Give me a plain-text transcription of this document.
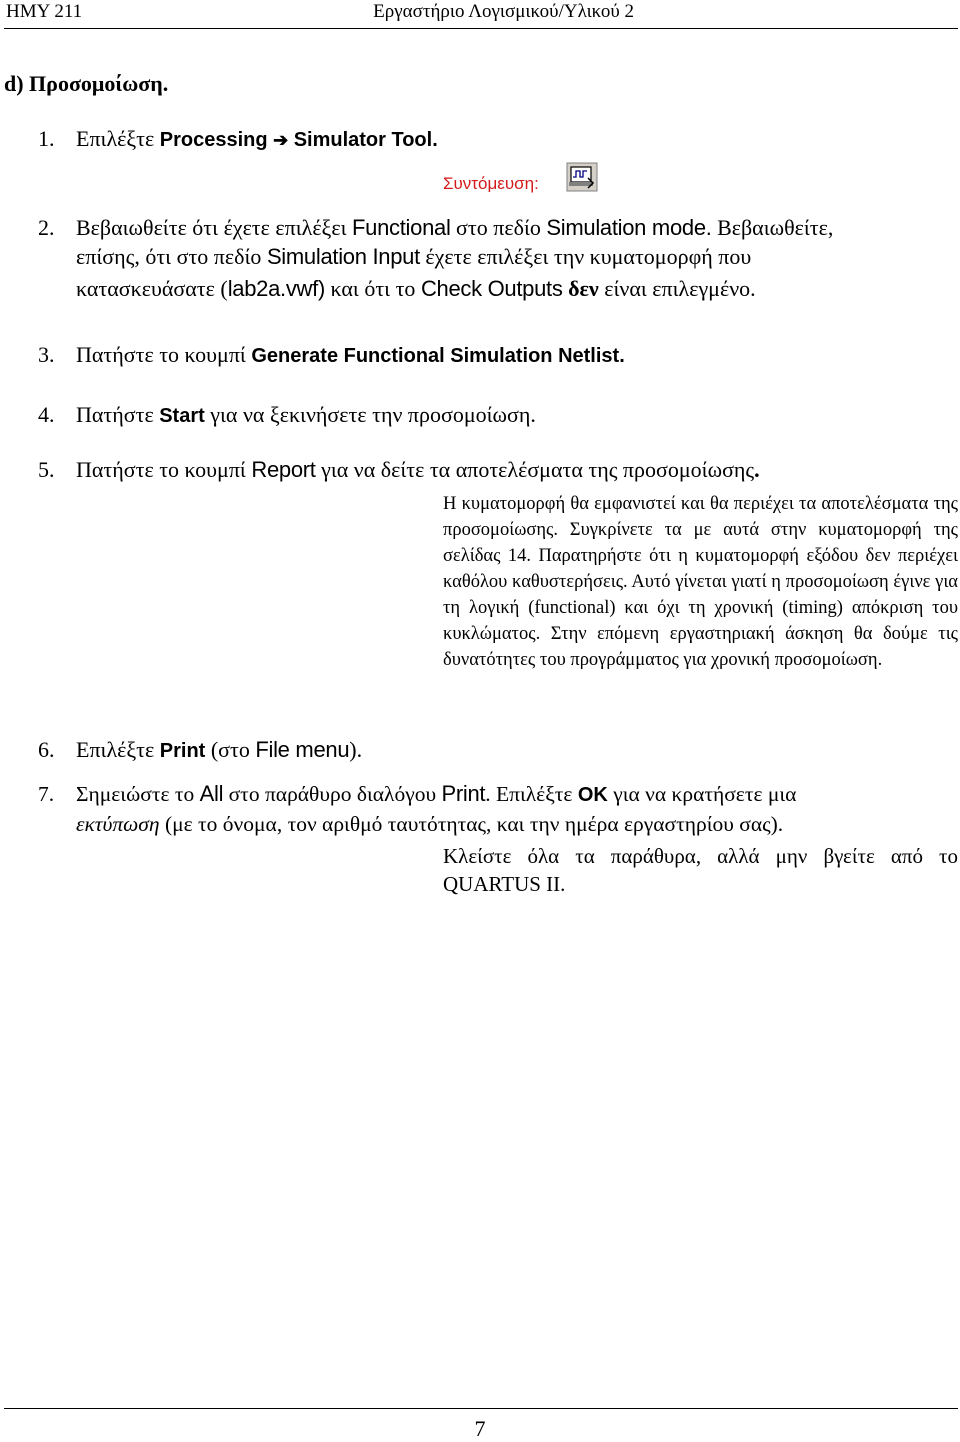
ΗΜΥ 211	Εργαστήριο Λογισμικού/Υλικού 2
d) Προσομοίωση.
1. Επιλέξτε Processing ➔ Simulator Tool.
Συντόμευση:
2. Βεβαιωθείτε ότι έχετε επιλέξει Functional στο πεδίο Simulation mode. Βεβαιωθείτε,
επίσης, ότι στο πεδίο Simulation Input έχετε επιλέξει την κυματομορφή που
κατασκευάσατε (lab2a.vwf) και ότι το Check Outputs δεν είναι επιλεγμένο.
3. Πατήστε το κουμπί Generate Functional Simulation Netlist.
4. Πατήστε Start για να ξεκινήσετε την προσομοίωση.
5. Πατήστε το κουμπί Report για να δείτε τα αποτελέσματα της προσομοίωσης.
Η κυματομορφή θα εμφανιστεί και θα περιέχει τα αποτελέσματα της προσομοίωσης. Συγκρίνετε τα με αυτά στην κυματομορφή της σελίδας 14. Παρατηρήστε ότι η κυματομορφή εξόδου δεν περιέχει καθόλου καθυστερήσεις. Αυτό γίνεται γιατί η προσομοίωση έγινε για τη λογική (functional) και όχι τη χρονική (timing) απόκριση του κυκλώματος. Στην επόμενη εργαστηριακή άσκηση θα δούμε τις δυνατότητες του προγράμματος για χρονική προσομοίωση.
6. Επιλέξτε Print (στο File menu).
7. Σημειώστε το All στο παράθυρο διαλόγου Print. Επιλέξτε OK για να κρατήσετε μια
εκτύπωση (με το όνομα, τον αριθμό ταυτότητας, και την ημέρα εργαστηρίου σας).
Κλείστε όλα τα παράθυρα, αλλά μην βγείτε από το QUARTUS II.
7
